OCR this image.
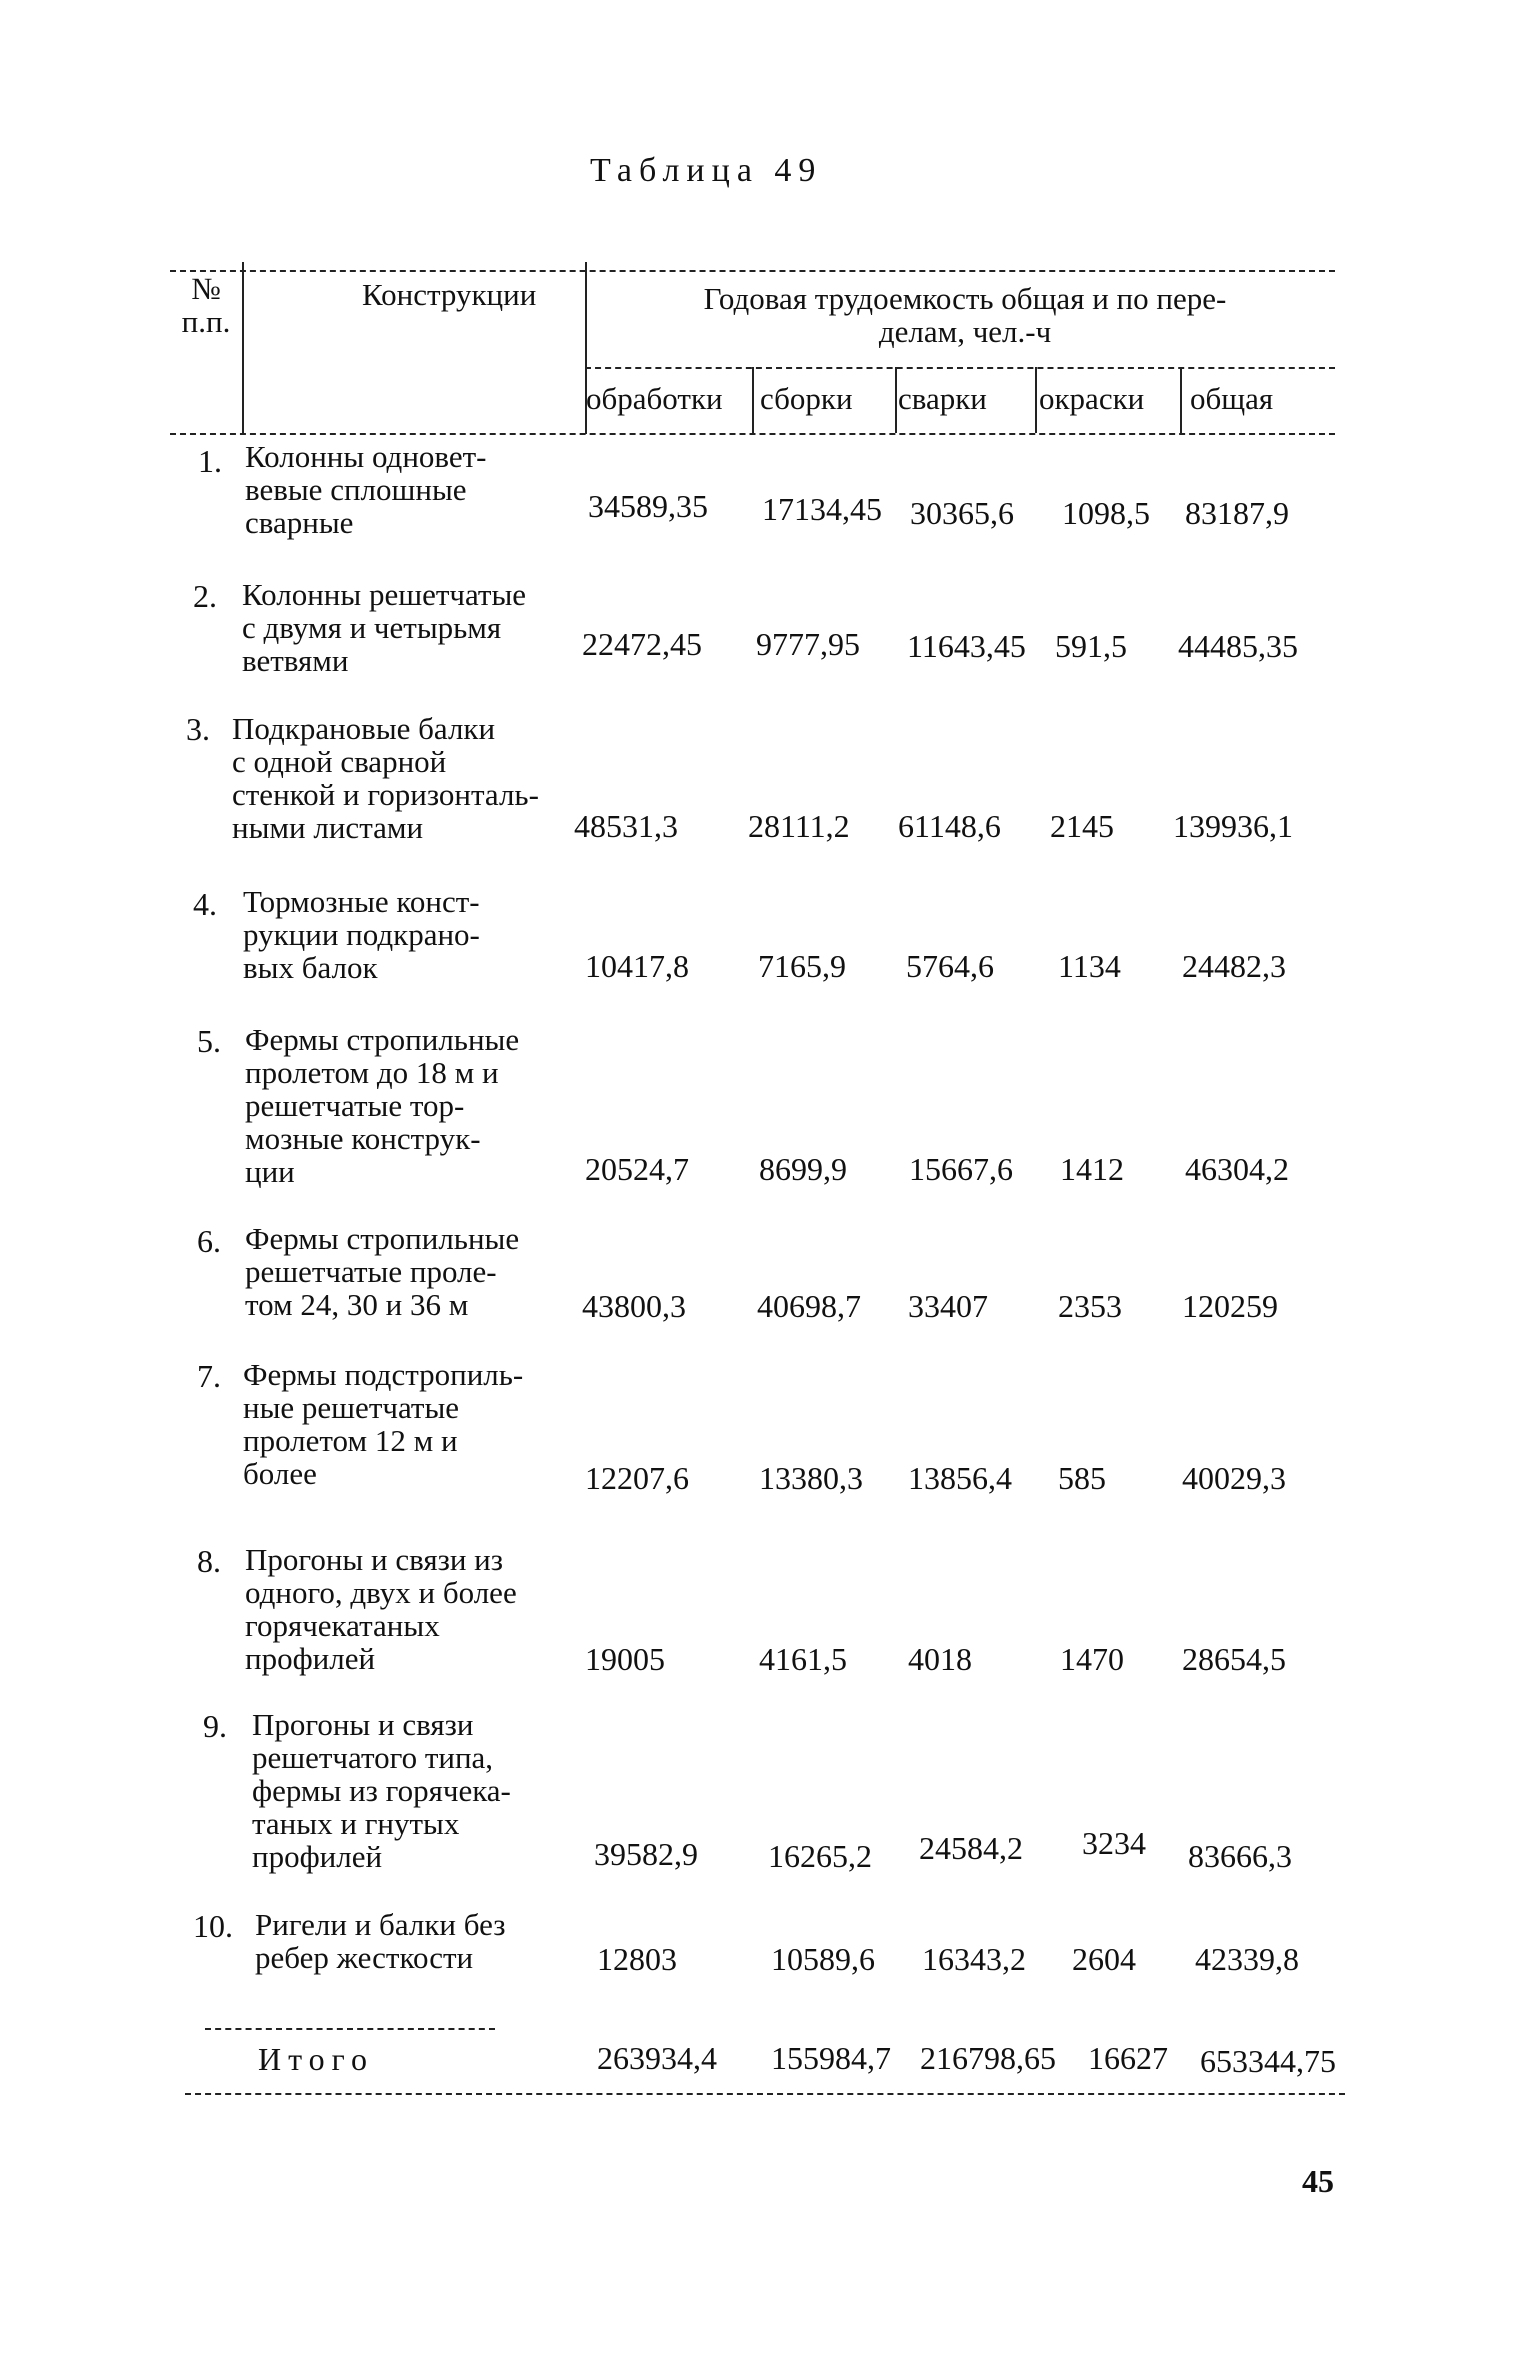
Таблица 49
№
п.п.
Конструкции	Годовая трудоемкость общая и по пере-
делам, чел.-ч
обработки сборки сварки окраски общая
1. Колонны одновет-
вевые сплошные
сварные	34589,35 17134,45 30365,6 1098,5 83187,9
2. Колонны решетчатые
с двумя и четырьмя
ветвями	22472,45 9777,95 11643,45 591,5 44485,35
3. Подкрановые балки
с одной сварной
стенкой и горизонталь-
ными листами	48531,3 28111,2 61148,6 2145 139936,1
4. Тормозные конст-
рукции подкрано-
вых балок	10417,8 7165,9 5764,6 1134 24482,3
5. Фермы стропильные
пролетом до 18 м и
решетчатые тор-
мозные конструк-
ции	20524,7 8699,9 15667,6 1412 46304,2
6. Фермы стропильные
решетчатые проле-
том 24, 30 и 36 м	43800,3 40698,7 33407 2353 120259
7. Фермы подстропиль-
ные решетчатые
пролетом 12 м и
более	12207,6 13380,3 13856,4 585 40029,3
8. Прогоны и связи из
одного, двух и более
горячекатаных
профилей	19005	4161,5 4018	1470 28654,5
9. Прогоны и связи
решетчатого типа,
фермы из горячека-
таных и гнутых
профилей	39582,9 16265,2 24584,2 3234 83666,3
10. Ригели и балки без
ребер жесткости	12803	10589,6 16343,2 2604 42339,8
Итого	263934,4 155984,7 216798,65 16627 653344,75
45
